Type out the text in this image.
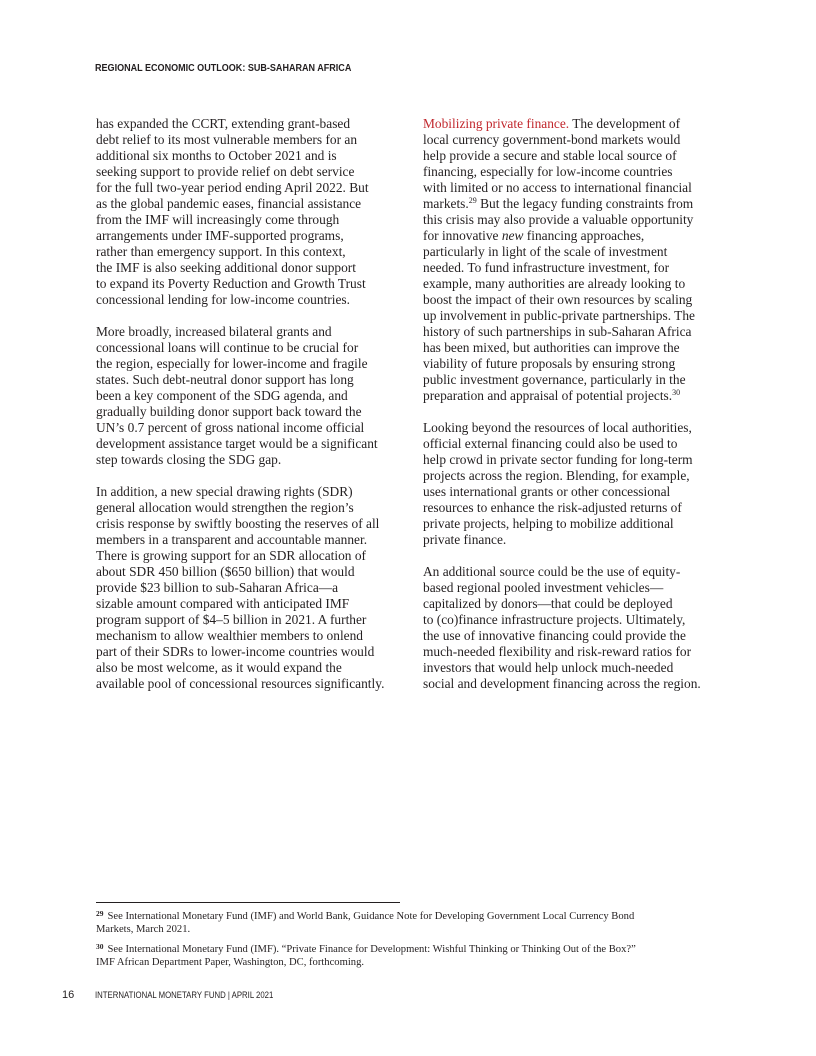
REGIONAL ECONOMIC OUTLOOK: SUB-SAHARAN AFRICA

has expanded the CCRT, extending grant-based
debt relief to its most vulnerable members for an
additional six months to October 2021 and is
seeking support to provide relief on debt service
for the full two-year period ending April 2022. But
as the global pandemic eases, financial assistance
from the IMF will increasingly come through
arrangements under IMF-supported programs,
rather than emergency support. In this context,
the IMF is also seeking additional donor support
to expand its Poverty Reduction and Growth Trust
concessional lending for low-income countries.

More broadly, increased bilateral grants and
concessional loans will continue to be crucial for
the region, especially for lower-income and fragile
states. Such debt-neutral donor support has long
been a key component of the SDG agenda, and
gradually building donor support back toward the
UN’s 0.7 percent of gross national income official
development assistance target would be a significant
step towards closing the SDG gap.

In addition, a new special drawing rights (SDR)
general allocation would strengthen the region’s
crisis response by swiftly boosting the reserves of all
members in a transparent and accountable manner.
There is growing support for an SDR allocation of
about SDR 450 billion ($650 billion) that would
provide $23 billion to sub-Saharan Africa—a
sizable amount compared with anticipated IMF
program support of $4–5 billion in 2021. A further
mechanism to allow wealthier members to onlend
part of their SDRs to lower-income countries would
also be most welcome, as it would expand the
available pool of concessional resources significantly.

Mobilizing private finance. The development of
local currency government-bond markets would
help provide a secure and stable local source of
financing, especially for low-income countries
with limited or no access to international financial
markets.$^{29}$ But the legacy funding constraints from
this crisis may also provide a valuable opportunity
for innovative new financing approaches,
particularly in light of the scale of investment
needed. To fund infrastructure investment, for
example, many authorities are already looking to
boost the impact of their own resources by scaling
up involvement in public-private partnerships. The
history of such partnerships in sub-Saharan Africa
has been mixed, but authorities can improve the
viability of future proposals by ensuring strong
public investment governance, particularly in the
preparation and appraisal of potential projects.$^{30}$

Looking beyond the resources of local authorities,
official external financing could also be used to
help crowd in private sector funding for long-term
projects across the region. Blending, for example,
uses international grants or other concessional
resources to enhance the risk-adjusted returns of
private projects, helping to mobilize additional
private finance.

An additional source could be the use of equity-
based regional pooled investment vehicles—
capitalized by donors—that could be deployed
to (co)finance infrastructure projects. Ultimately,
the use of innovative financing could provide the
much-needed flexibility and risk-reward ratios for
investors that would help unlock much-needed
social and development financing across the region.

$^{29}$ See International Monetary Fund (IMF) and World Bank, Guidance Note for Developing Government Local Currency Bond
Markets, March 2021.
$^{30}$ See International Monetary Fund (IMF). “Private Finance for Development: Wishful Thinking or Thinking Out of the Box?”
IMF African Department Paper, Washington, DC, forthcoming.
16 INTERNATIONAL MONETARY FUND | APRIL 2021
